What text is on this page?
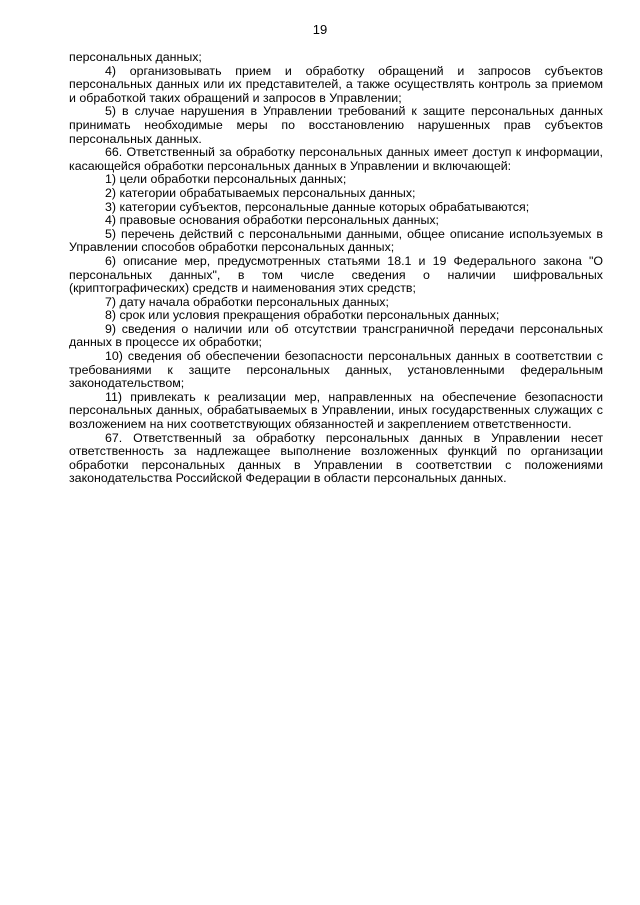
19

персональных данных;

4) организовывать прием и обработку обращений и запросов субъектов персональных данных или их представителей, а также осуществлять контроль за приемом и обработкой таких обращений и запросов в Управлении;

5) в случае нарушения в Управлении требований к защите персональных данных принимать необходимые меры по восстановлению нарушенных прав субъектов персональных данных.

66. Ответственный за обработку персональных данных имеет доступ к информации, касающейся обработки персональных данных в Управлении и включающей:

1) цели обработки персональных данных;

2) категории обрабатываемых персональных данных;

3) категории субъектов, персональные данные которых обрабатываются;

4) правовые основания обработки персональных данных;

5) перечень действий с персональными данными, общее описание используемых в Управлении способов обработки персональных данных;

6) описание мер, предусмотренных статьями 18.1 и 19 Федерального закона "О персональных данных", в том числе сведения о наличии шифровальных (криптографических) средств и наименования этих средств;

7) дату начала обработки персональных данных;

8) срок или условия прекращения обработки персональных данных;

9) сведения о наличии или об отсутствии трансграничной передачи персональных данных в процессе их обработки;

10) сведения об обеспечении безопасности персональных данных в соответствии с требованиями к защите персональных данных, установленными федеральным законодательством;

11) привлекать к реализации мер, направленных на обеспечение безопасности персональных данных, обрабатываемых в Управлении, иных государственных служащих с возложением на них соответствующих обязанностей и закреплением ответственности.

67. Ответственный за обработку персональных данных в Управлении несет ответственность за надлежащее выполнение возложенных функций по организации обработки персональных данных в Управлении в соответствии с положениями законодательства Российской Федерации в области персональных данных.
